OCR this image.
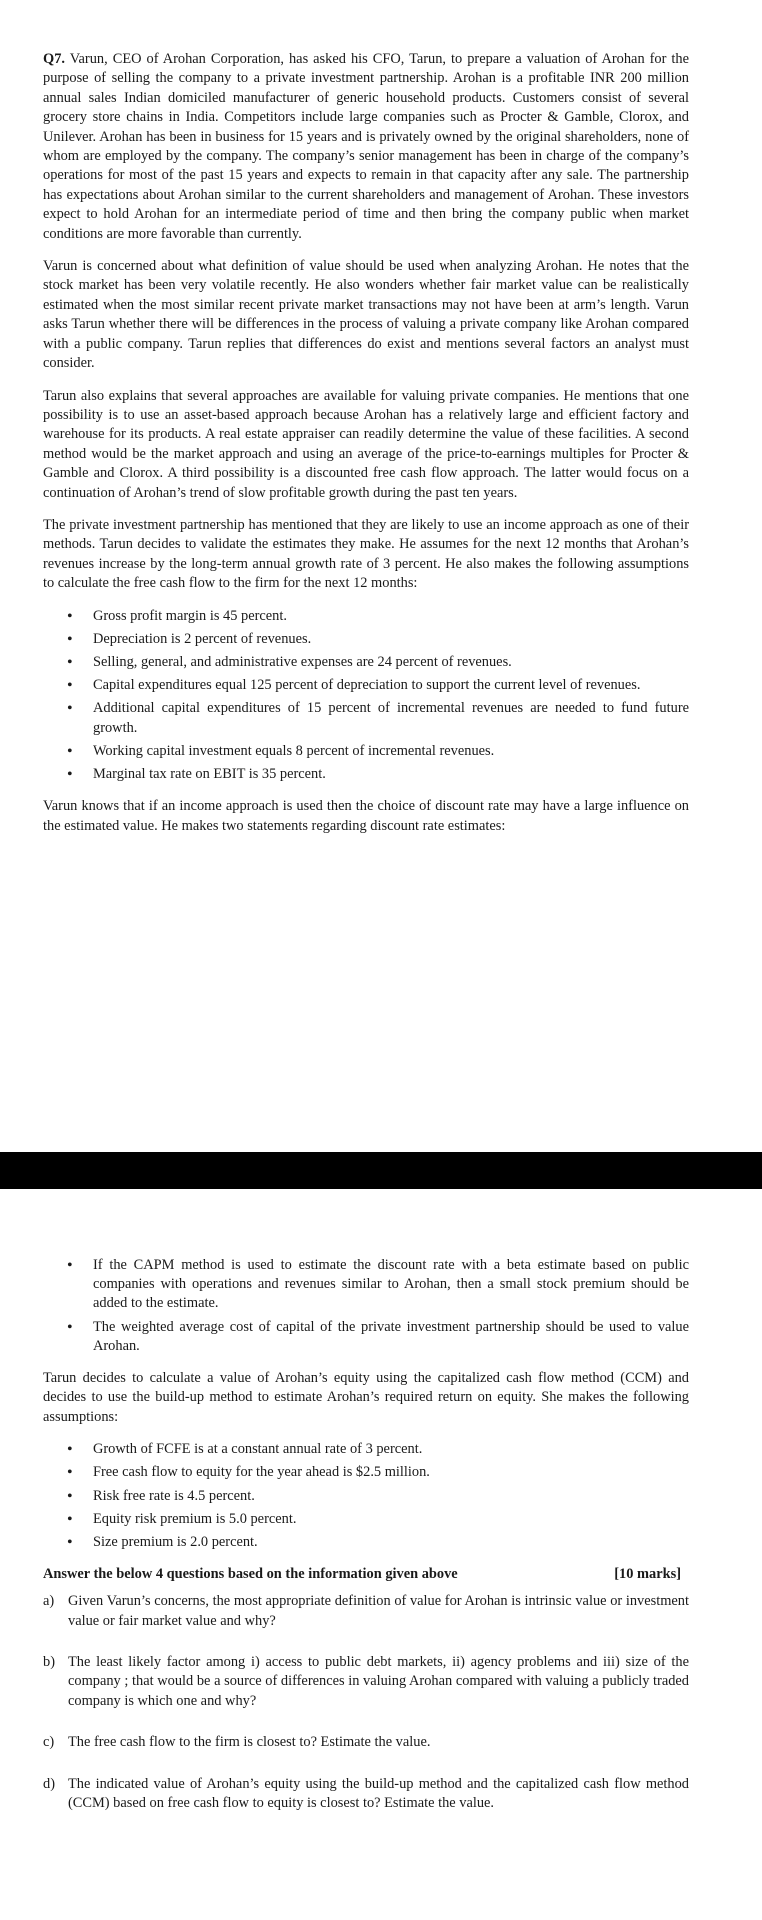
Q7. Varun, CEO of Arohan Corporation, has asked his CFO, Tarun, to prepare a valuation of Arohan for the purpose of selling the company to a private investment partnership. Arohan is a profitable INR 200 million annual sales Indian domiciled manufacturer of generic household products. Customers consist of several grocery store chains in India. Competitors include large companies such as Procter & Gamble, Clorox, and Unilever. Arohan has been in business for 15 years and is privately owned by the original shareholders, none of whom are employed by the company. The company’s senior management has been in charge of the company’s operations for most of the past 15 years and expects to remain in that capacity after any sale. The partnership has expectations about Arohan similar to the current shareholders and management of Arohan. These investors expect to hold Arohan for an intermediate period of time and then bring the company public when market conditions are more favorable than currently.

Varun is concerned about what definition of value should be used when analyzing Arohan. He notes that the stock market has been very volatile recently. He also wonders whether fair market value can be realistically estimated when the most similar recent private market transactions may not have been at arm’s length. Varun asks Tarun whether there will be differences in the process of valuing a private company like Arohan compared with a public company. Tarun replies that differences do exist and mentions several factors an analyst must consider.

Tarun also explains that several approaches are available for valuing private companies. He mentions that one possibility is to use an asset-based approach because Arohan has a relatively large and efficient factory and warehouse for its products. A real estate appraiser can readily determine the value of these facilities. A second method would be the market approach and using an average of the price-to-earnings multiples for Procter & Gamble and Clorox. A third possibility is a discounted free cash flow approach. The latter would focus on a continuation of Arohan’s trend of slow profitable growth during the past ten years.

The private investment partnership has mentioned that they are likely to use an income approach as one of their methods. Tarun decides to validate the estimates they make. He assumes for the next 12 months that Arohan’s revenues increase by the long-term annual growth rate of 3 percent. He also makes the following assumptions to calculate the free cash flow to the firm for the next 12 months:

• Gross profit margin is 45 percent.
• Depreciation is 2 percent of revenues.
• Selling, general, and administrative expenses are 24 percent of revenues.
• Capital expenditures equal 125 percent of depreciation to support the current level of revenues.
• Additional capital expenditures of 15 percent of incremental revenues are needed to fund future growth.
• Working capital investment equals 8 percent of incremental revenues.
• Marginal tax rate on EBIT is 35 percent.

Varun knows that if an income approach is used then the choice of discount rate may have a large influence on the estimated value. He makes two statements regarding discount rate estimates:

• If the CAPM method is used to estimate the discount rate with a beta estimate based on public companies with operations and revenues similar to Arohan, then a small stock premium should be added to the estimate.
• The weighted average cost of capital of the private investment partnership should be used to value Arohan.

Tarun decides to calculate a value of Arohan’s equity using the capitalized cash flow method (CCM) and decides to use the build-up method to estimate Arohan’s required return on equity. She makes the following assumptions:

• Growth of FCFE is at a constant annual rate of 3 percent.
• Free cash flow to equity for the year ahead is $2.5 million.
• Risk free rate is 4.5 percent.
• Equity risk premium is 5.0 percent.
• Size premium is 2.0 percent.
Answer the below 4 questions based on the information given above	[10 marks]
a) Given Varun’s concerns, the most appropriate definition of value for Arohan is intrinsic value or investment value or fair market value and why?
b) The least likely factor among i) access to public debt markets, ii) agency problems and iii) size of the company ; that would be a source of differences in valuing Arohan compared with valuing a publicly traded company is which one and why?
c) The free cash flow to the firm is closest to? Estimate the value.
d) The indicated value of Arohan’s equity using the build-up method and the capitalized cash flow method (CCM) based on free cash flow to equity is closest to? Estimate the value.
